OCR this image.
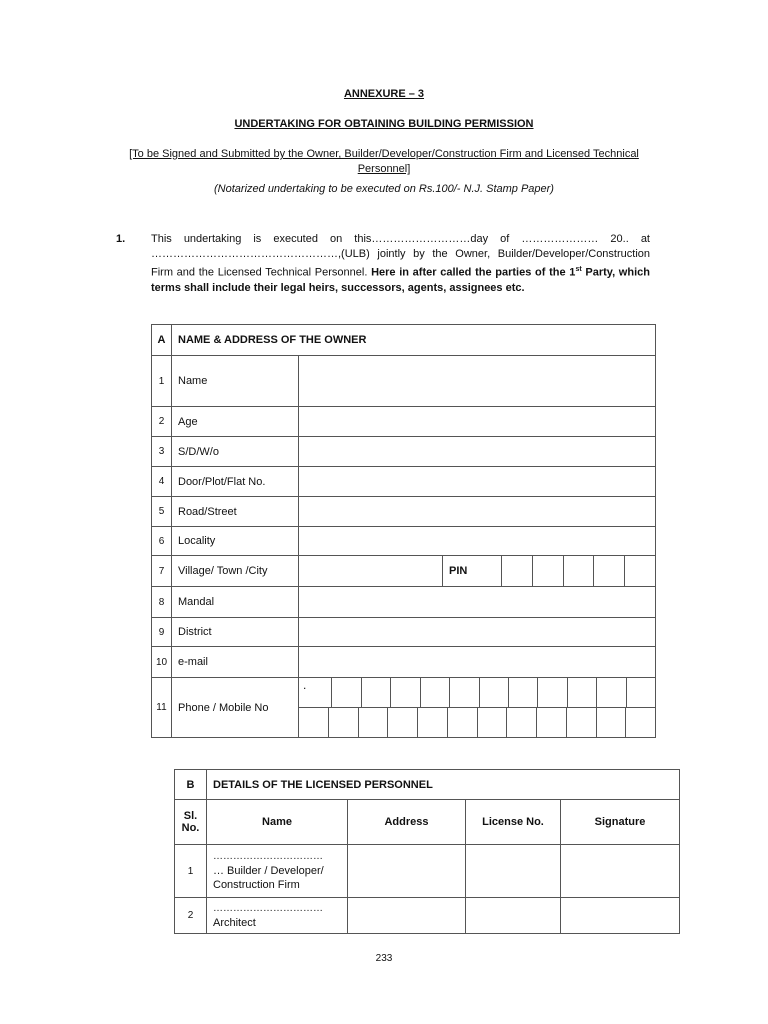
ANNEXURE – 3
UNDERTAKING FOR OBTAINING BUILDING PERMISSION
[To be Signed and Submitted by the Owner, Builder/Developer/Construction Firm and Licensed Technical Personnel]
(Notarized undertaking to be executed on Rs.100/- N.J. Stamp Paper)
1. This undertaking is executed on this………………………day of ………………… 20.. at ……………………………………………,(ULB) jointly by the Owner, Builder/Developer/Construction Firm and the Licensed Technical Personnel. Here in after called the parties of the 1st Party, which terms shall include their legal heirs, successors, agents, assignees etc.
A	NAME & ADDRESS OF THE OWNER	
1	Name	
2	Age	
3	S/D/W/o	
4	Door/Plot/Flat No.	
5	Road/Street	
6	Locality	
7	Village/ Town /City	PIN

8	Mandal	
9	District	
10	e-mail	
11	Phone / Mobile No	.
B	DETAILS OF THE LICENSED PERSONNEL			
Sl. No.	Name	Address	License No.	Signature
1	……………………………
… Builder / Developer/ Construction Firm			

2	……………………………
Architect			

233
